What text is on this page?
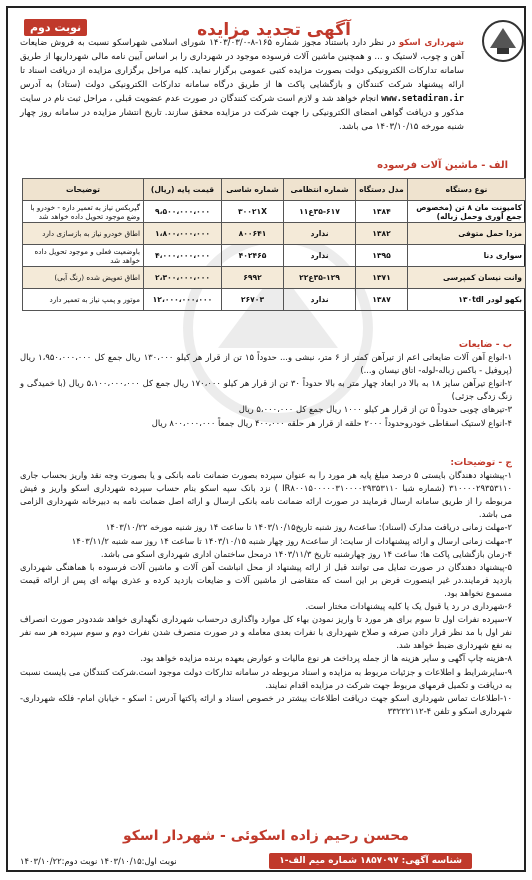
آگهی تجدید مزایده
نوبت دوم
شهرداری اسکو در نظر دارد باستناد مجوز شماره ۱۶۵-۸-۱۴۰۳/۰۳/۰ شورای اسلامی شهراسکو نسبت به فروش ضایعات آهن و چوب، لاستیک و ... و همچنین ماشین آلات فرسوده موجود در شهرداری را بر اساس آیین نامه مالی شهرداریها از طریق سامانه تدارکات الکترونیکی دولت بصورت مزایده کتبی عمومی برگزار نماید. کلیه مراحل برگزاری مزایده از دریافت اسناد تا ارائه پیشنهاد شرکت کنندگان و بازگشایی پاکت ها از طریق درگاه سامانه تدارکات الکترونیکی دولت (ستاد) به آدرس www.setadiran.ir انجام خواهد شد و لازم است شرکت کنندگان در صورت عدم عضویت قبلی ، مراحل ثبت نام در سایت مذکور و دریافت گواهی امضای الکترونیکی را جهت شرکت در مزایده محقق سازند. تاریخ انتشار مزایده در سامانه روز چهار شنبه مورخه ۱۴۰۳/۱۰/۱۵ می باشد.
الف - ماشین آلات فرسوده
نوع دستگاه	مدل دستگاه	شماره انتظامی	شماره شاسی	قیمت پایه (ریال)	توضیحات
کامیونت مان ۸ تن (مخصوص جمع آوری وحمل زباله)	۱۳۸۴	۳۵-۶۱۷ع۱۱	۳۰۰۲۱X	۹،۵۰۰،۰۰۰،۰۰۰	گیربکس نیاز به تعمیر داره - خودرو با وضع موجود تحویل داده خواهد شد
مزدا حمل متوفی	۱۳۸۲	ندارد	۸۰۰۶۴۱	۱،۸۰۰،۰۰۰،۰۰۰	اطاق خودرو نیاز به بازسازی دارد
سواری دنا	۱۳۹۵	ندارد	۴۰۲۴۶۵	۴،۰۰۰،۰۰۰،۰۰۰	باوضعیت فعلی و موجود تحویل داده خواهد شد
وانت نیسان کمپرسی	۱۳۷۱	۳۵-۱۲۹ع۲۲	۶۹۹۲	۲،۳۰۰،۰۰۰،۰۰۰	اطاق تعویض شده (رنگ آبی)
بکهو لودر ۱۳۰tdl	۱۳۸۷	ندارد	۲۶۷۰۳	۱۲،۰۰۰،۰۰۰،۰۰۰	موتور و پمپ نیاز به تعمیر دارد
ب - ضایعات

۱-انواع آهن آلات ضایعاتی اعم از تیرآهن کمتر از ۶ متر، نبشی و... حدوداً ۱۵ تن از قرار هر کیلو ۱۳۰،۰۰۰ ریال جمع کل ۱،۹۵۰،۰۰۰،۰۰۰ ریال (پروفیل - باکس زباله-لوله- اتاق نیسان و...)

۲-انواع تیرآهن سایز ۱۸ به بالا در ابعاد چهار متر به بالا حدوداً ۳۰ تن از قرار هر کیلو ۱۷۰،۰۰۰ ریال جمع کل ۵،۱۰۰،۰۰۰،۰۰۰ ریال (با خمیدگی و زنگ زدگی جزئی)

۳-تیرهای چوبی حدوداً ۵ تن از قرار هر کیلو ۱۰۰۰ ریال جمع کل ۵،۰۰۰،۰۰۰ ریال

۴-انواع لاستیک اسقاطی خودروحدوداً ۲۰۰۰ حلقه از قرار هر حلقه ۴۰۰،۰۰۰ ریال جمعاً ۸۰۰،۰۰۰،۰۰۰ ریال

ج - توضیحات:

۱-پیشنهاد دهندگان بایستی ۵ درصد مبلغ پایه هر مورد را به عنوان سپرده بصورت ضمانت نامه بانکی و یا بصورت وجه نقد واریز بحساب جاری ۳۱۰۰۰۰۲۹۳۵۳۱۱۰ (شماره شبا IR۸۰۰۱۵۰۰۰۰۰۳۱۰۰۰۰۲۹۳۵۳۱۱۰ ) نزد بانک سپه اسکو بنام حساب سپرده شهرداری اسکو واریز و فیش مربوطه را از طریق سامانه ارسال فرمایند در صورت ارائه ضمانت نامه بانکی ارسال و ارائه اصل ضمانت نامه به دبیرخانه شهرداری الزامی می باشد.

۲-مهلت زمانی دریافت مدارک (اسناد): ساعت۸ روز شنبه تاریخ۱۴۰۳/۱۰/۱۵ تا ساعت ۱۴ روز شنبه مورخه ۱۴۰۳/۱۰/۲۲

۳-مهلت زمانی ارسال و ارائه پیشنهادات از سایت: از ساعت۸ روز چهار شنبه ۱۴۰۳/۱۰/۱۵ تا ساعت ۱۴ روز سه شنبه ۱۴۰۳/۱۱/۲

۴-زمان بازگشایی پاکت ها: ساعت ۱۴ روز چهارشنبه تاریخ ۱۴۰۳/۱۱/۳ درمحل ساختمان اداری شهرداری اسکو می باشد.

۵-پیشنهاد دهندگان در صورت تمایل می توانند قبل از ارائه پیشنهاد از محل انباشت آهن آلات و ماشین آلات فرسوده با هماهنگی شهرداری بازدید فرمایند.در غیر اینصورت فرض بر این است که متقاضی از ماشین آلات و ضایعات بازدید کرده و عذری بهانه ای پس از ارائه قیمت مسموع نخواهد بود.

۶-شهرداری در رد یا قبول یک یا کلیه پیشنهادات مختار است.

۷-سپرده نفرات اول تا سوم برای هر مورد تا واریز نمودن بهاء کل موارد واگذاری درحساب شهرداری نگهداری خواهد شددودر صورت انصراف نفر اول با مد نظر قرار دادن صرفه و صلاح شهرداری با نفرات بعدی معامله و در صورت منصرف شدن نفرات دوم و سوم سپرده هر سه نفر به نفع شهرداری ضبط خواهد شد.

۸-هزینه چاپ آگهی و سایر هزینه ها از جمله پرداخت هر نوع مالیات و عوارض بعهده برنده مزایده خواهد بود.

۹-سایرشرایط و اطلاعات و جزئیات مربوط به مزایده و اسناد مربوطه در سامانه تدارکات دولت موجود است.شرکت کنندگان می بایست نسبت به دریافت و تکمیل فرمهای مربوط جهت شرکت در مزایده اقدام نمایند.

۱۰-اطلاعات تماس شهرداری اسکو جهت دریافت اطلاعات بیشتر در خصوص اسناد و ارائه پاکتها آدرس : اسکو - خیابان امام- فلکه شهرداری- شهرداری اسکو و تلفن ۴-۳۳۲۲۲۱۱۲

محسن رحیم زاده اسکوئی - شهردار اسکو
شناسه آگهی: ۱۸۵۷۰۹۷ شماره میم الف-۱
نوبت اول:۱۴۰۳/۱۰/۱۵ نوبت دوم:۱۴۰۳/۱۰/۲۲
